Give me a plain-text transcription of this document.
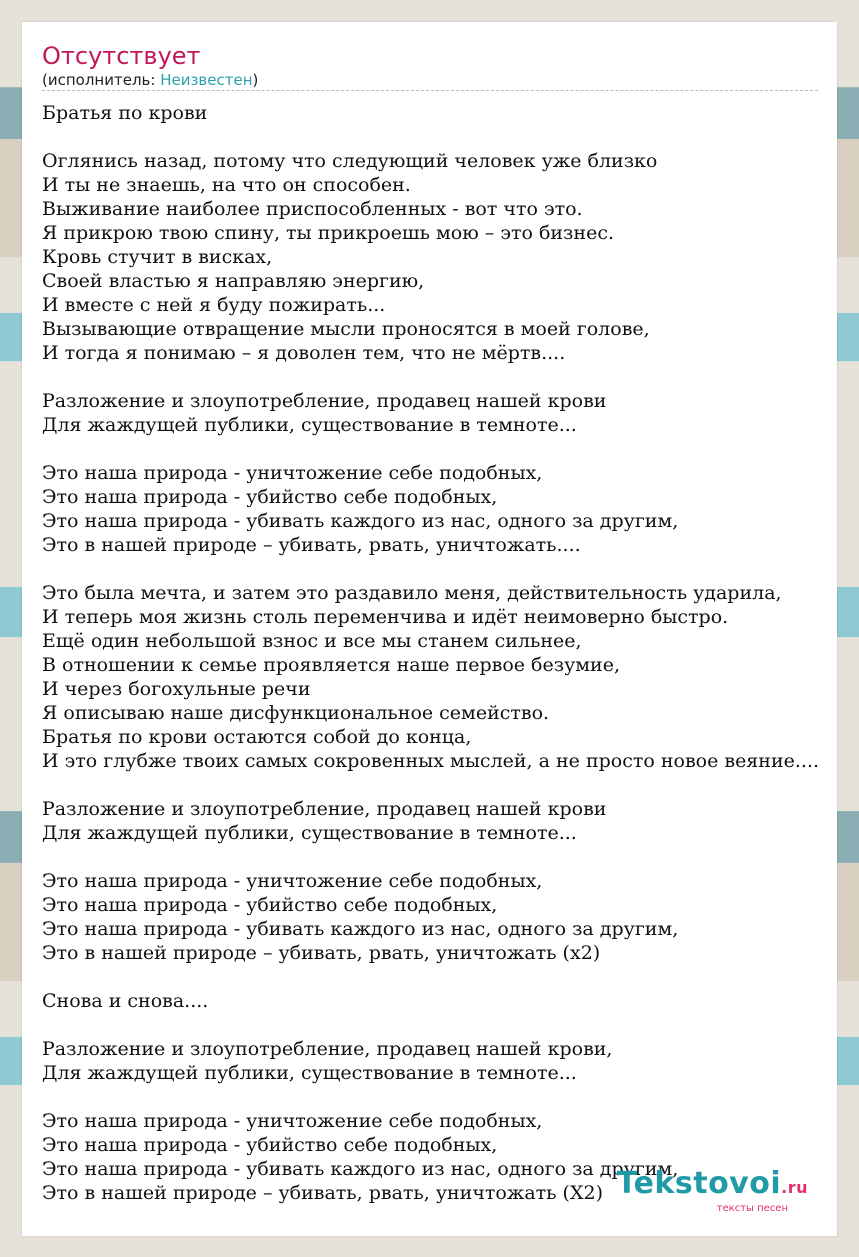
Отсутствует
(исполнитель: Неизвестен)
Братья по крови

Оглянись назад, потому что следующий человек уже близко
И ты не знаешь, на что он способен.
Выживание наиболее приспособленных - вот что это.
Я прикрою твою спину, ты прикроешь мою – это бизнес.
Кровь стучит в висках,
Своей властью я направляю энергию,
И вместе с ней я буду пожирать...
Вызывающие отвращение мысли проносятся в моей голове,
И тогда я понимаю – я доволен тем, что не мёртв....

Разложение и злоупотребление, продавец нашей крови
Для жаждущей публики, существование в темноте...

Это наша природа - уничтожение себе подобных,
Это наша природа - убийство себе подобных,
Это наша природа - убивать каждого из нас, одного за другим,
Это в нашей природе – убивать, рвать, уничтожать....

Это была мечта, и затем это раздавило меня, действительность ударила,
И теперь моя жизнь столь переменчива и идёт неимоверно быстро.
Ещё один небольшой взнос и все мы станем сильнее,
В отношении к семье проявляется наше первое безумие,
И через богохульные речи
Я описываю наше дисфункциональное семейство.
Братья по крови остаются собой до конца,
И это глубже твоих самых сокровенных мыслей, а не просто новое веяние....

Разложение и злоупотребление, продавец нашей крови
Для жаждущей публики, существование в темноте...

Это наша природа - уничтожение себе подобных,
Это наша природа - убийство себе подобных,
Это наша природа - убивать каждого из нас, одного за другим,
Это в нашей природе – убивать, рвать, уничтожать (х2)

Снова и снова....

Разложение и злоупотребление, продавец нашей крови,
Для жаждущей публики, существование в темноте...

Это наша природа - уничтожение себе подобных,
Это наша природа - убийство себе подобных,
Это наша природа - убивать каждого из нас, одного за другим,
Это в нашей природе – убивать, рвать, уничтожать (Х2) Tekstovoi.ru
тексты песен
